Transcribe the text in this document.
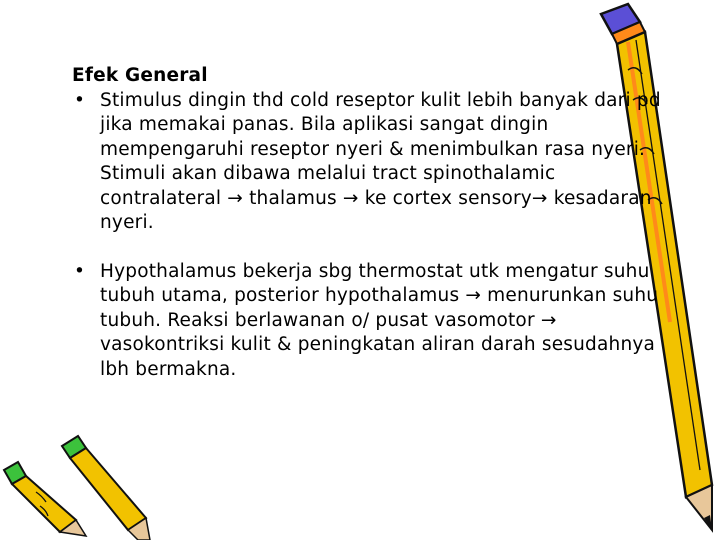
Efek General

• Stimulus dingin thd cold reseptor kulit lebih banyak dari pd jika memakai panas. Bila aplikasi sangat dingin mempengaruhi reseptor nyeri & menimbulkan rasa nyeri. Stimuli akan dibawa melalui tract spinothalamic contralateral → thalamus → ke cortex sensory→ kesadaran nyeri.
• Hypothalamus bekerja sbg thermostat utk mengatur suhu tubuh utama, posterior hypothalamus → menurunkan suhu tubuh. Reaksi berlawanan o/ pusat vasomotor → vasokontriksi kulit & peningkatan aliran darah sesudahnya lbh bermakna.
